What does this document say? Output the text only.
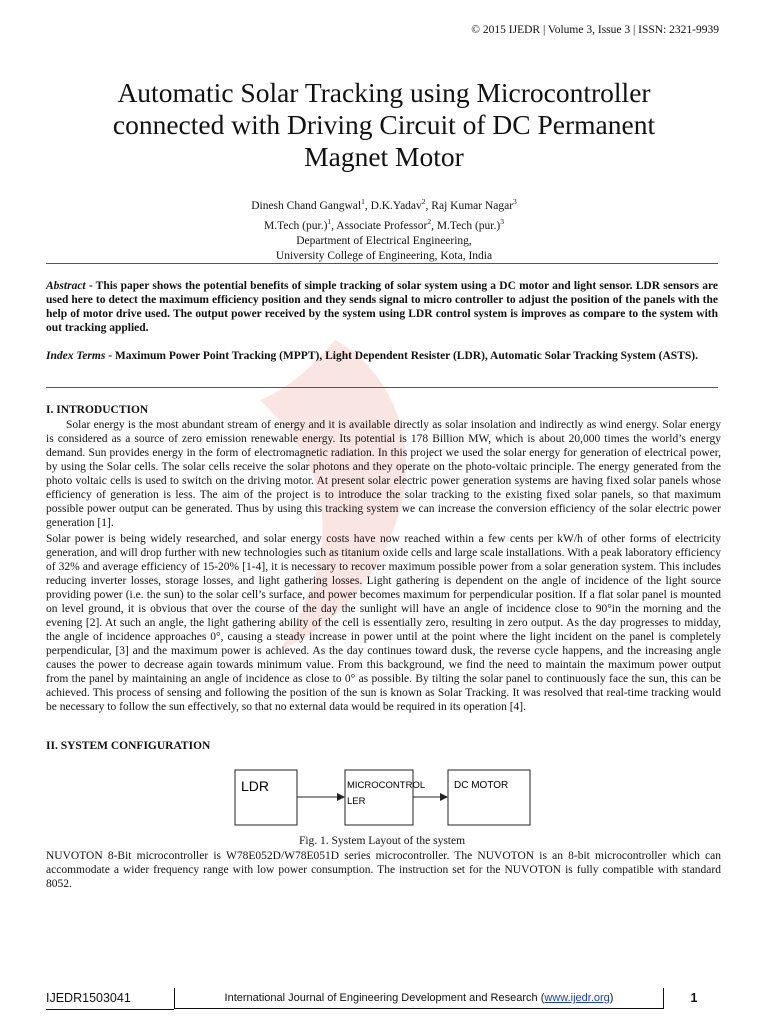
© 2015 IJEDR | Volume 3, Issue 3 | ISSN: 2321-9939
Automatic Solar Tracking using Microcontroller
connected with Driving Circuit of DC Permanent
Magnet Motor
Dinesh Chand Gangwal$^1$, D.K.Yadav$^2$, Raj Kumar Nagar$^3$
M.Tech $(pur.)^1$, Associate Professor$^2$, M.Tech $(pur.)^3$
Department of Electrical Engineering,
University College of Engineering, Kota, India
Abstract - This paper shows the potential benefits of simple tracking of solar system using a DC motor and light sensor. LDR sensors are used here to detect the maximum efficiency position and they sends signal to micro controller to adjust the position of the panels with the help of motor drive used. The output power received by the system using LDR control system is improves as compare to the system with out tracking applied.
Index Terms - Maximum Power Point Tracking (MPPT), Light Dependent Resister (LDR), Automatic Solar Tracking System (ASTS).
I. INTRODUCTION

Solar energy is the most abundant stream of energy and it is available directly as solar insolation and indirectly as wind energy. Solar energy is considered as a source of zero emission renewable energy. Its potential is 178 Billion MW, which is about 20,000 times the world’s energy demand. Sun provides energy in the form of electromagnetic radiation. In this project we used the solar energy for generation of electrical power, by using the Solar cells. The solar cells receive the solar photons and they operate on the photo-voltaic principle. The energy generated from the photo voltaic cells is used to switch on the driving motor. At present solar electric power generation systems are having fixed solar panels whose efficiency of generation is less. The aim of the project is to introduce the solar tracking to the existing fixed solar panels, so that maximum possible power output can be generated. Thus by using this tracking system we can increase the conversion efficiency of the solar electric power generation [1].

Solar power is being widely researched, and solar energy costs have now reached within a few cents per kW/h of other forms of electricity generation, and will drop further with new technologies such as titanium oxide cells and large scale installations. With a peak laboratory efficiency of 32% and average efficiency of 15-20% [1-4], it is necessary to recover maximum possible power from a solar generation system. This includes reducing inverter losses, storage losses, and light gathering losses. Light gathering is dependent on the angle of incidence of the light source providing power (i.e. the sun) to the solar cell’s surface, and power becomes maximum for perpendicular position. If a flat solar panel is mounted on level ground, it is obvious that over the course of the day the sunlight will have an angle of incidence close to 90°in the morning and the evening [2]. At such an angle, the light gathering ability of the cell is essentially zero, resulting in zero output. As the day progresses to midday, the angle of incidence approaches 0°, causing a steady increase in power until at the point where the light incident on the panel is completely perpendicular, [3] and the maximum power is achieved. As the day continues toward dusk, the reverse cycle happens, and the increasing angle causes the power to decrease again towards minimum value. From this background, we find the need to maintain the maximum power output from the panel by maintaining an angle of incidence as close to 0° as possible. By tilting the solar panel to continuously face the sun, this can be achieved. This process of sensing and following the position of the sun is known as Solar Tracking. It was resolved that real-time tracking would be necessary to follow the sun effectively, so that no external data would be required in its operation [4].

II. SYSTEM CONFIGURATION
LDR	MICROCONTROL
LER
DC MOTOR
Fig. 1. System Layout of the system

NUVOTON 8-Bit microcontroller is W78E052D/W78E051D series microcontroller. The NUVOTON is an 8-bit microcontroller which can accommodate a wider frequency range with low power consumption. The instruction set for the NUVOTON is fully compatible with standard 8052.

IJEDR1503041	International Journal of Engineering Development and Research (www.ijedr.org)	1
